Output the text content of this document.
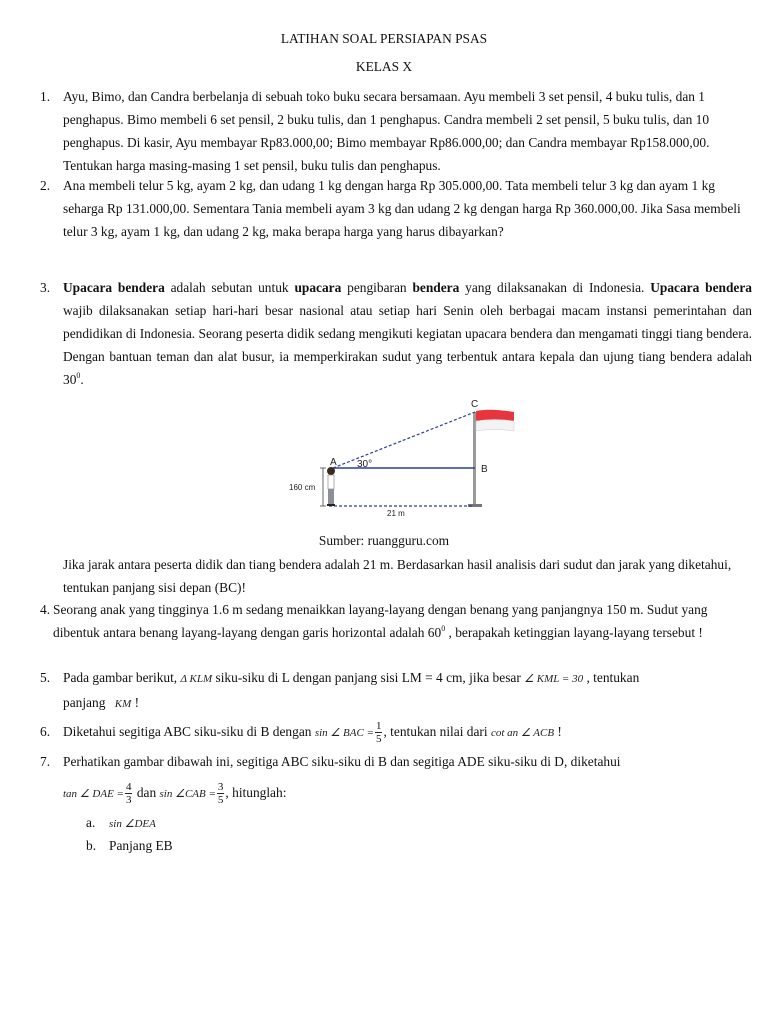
LATIHAN SOAL PERSIAPAN PSAS
KELAS X
1. Ayu, Bimo, dan Candra berbelanja di sebuah toko buku secara bersamaan. Ayu membeli 3 set pensil, 4 buku tulis, dan 1 penghapus. Bimo membeli 6 set pensil, 2 buku tulis, dan 1 penghapus. Candra membeli 2 set pensil, 5 buku tulis, dan 10 penghapus. Di kasir, Ayu membayar Rp83.000,00; Bimo membayar Rp86.000,00; dan Candra membayar Rp158.000,00. Tentukan harga masing-masing 1 set pensil, buku tulis dan penghapus.
2. Ana membeli telur 5 kg, ayam 2 kg, dan udang 1 kg dengan harga Rp 305.000,00. Tata membeli telur 3 kg dan ayam 1 kg seharga Rp 131.000,00. Sementara Tania membeli ayam 3 kg dan udang 2 kg dengan harga Rp 360.000,00. Jika Sasa membeli telur 3 kg, ayam 1 kg, dan udang 2 kg, maka berapa harga yang harus dibayarkan?
3. Upacara bendera adalah sebutan untuk upacara pengibaran bendera yang dilaksanakan di Indonesia. Upacara bendera wajib dilaksanakan setiap hari-hari besar nasional atau setiap hari Senin oleh berbagai macam instansi pemerintahan dan pendidikan di Indonesia. Seorang peserta didik sedang mengikuti kegiatan upacara bendera dan mengamati tinggi tiang bendera. Dengan bantuan teman dan alat busur, ia memperkirakan sudut yang terbentuk antara kepala dan ujung tiang bendera adalah $30^0$.
A 30°	B
C
160 cm
21 m
Sumber: ruangguru.com
Jika jarak antara peserta didik dan tiang bendera adalah 21 m. Berdasarkan hasil analisis dari sudut dan jarak yang diketahui, tentukan panjang sisi depan (BC)!
4. Seorang anak yang tingginya 1.6 m sedang menaikkan layang-layang dengan benang yang panjangnya 150 m. Sudut yang dibentuk antara benang layang-layang dengan garis horizontal adalah $60^0$ , berapakah ketinggian layang-layang tersebut !
5. Pada gambar berikut, Δ KLM siku-siku di L dengan panjang sisi LM = 4 cm, jika besar ∠ KML = 30 , tentukan
panjang KM !
6. Diketahui segitiga ABC siku-siku di B dengan sin ∠ BAC = $\frac{1}{5}$ , tentukan nilai dari cot an ∠ ACB !
7. Perhatikan gambar dibawah ini, segitiga ABC siku-siku di B dan segitiga ADE siku-siku di D, diketahui
tan ∠ DAE = $\frac{4}{3}$ dan sin ∠CAB = $\frac{3}{5}$ , hitunglah:
a. sin ∠DEA
b. Panjang EB
